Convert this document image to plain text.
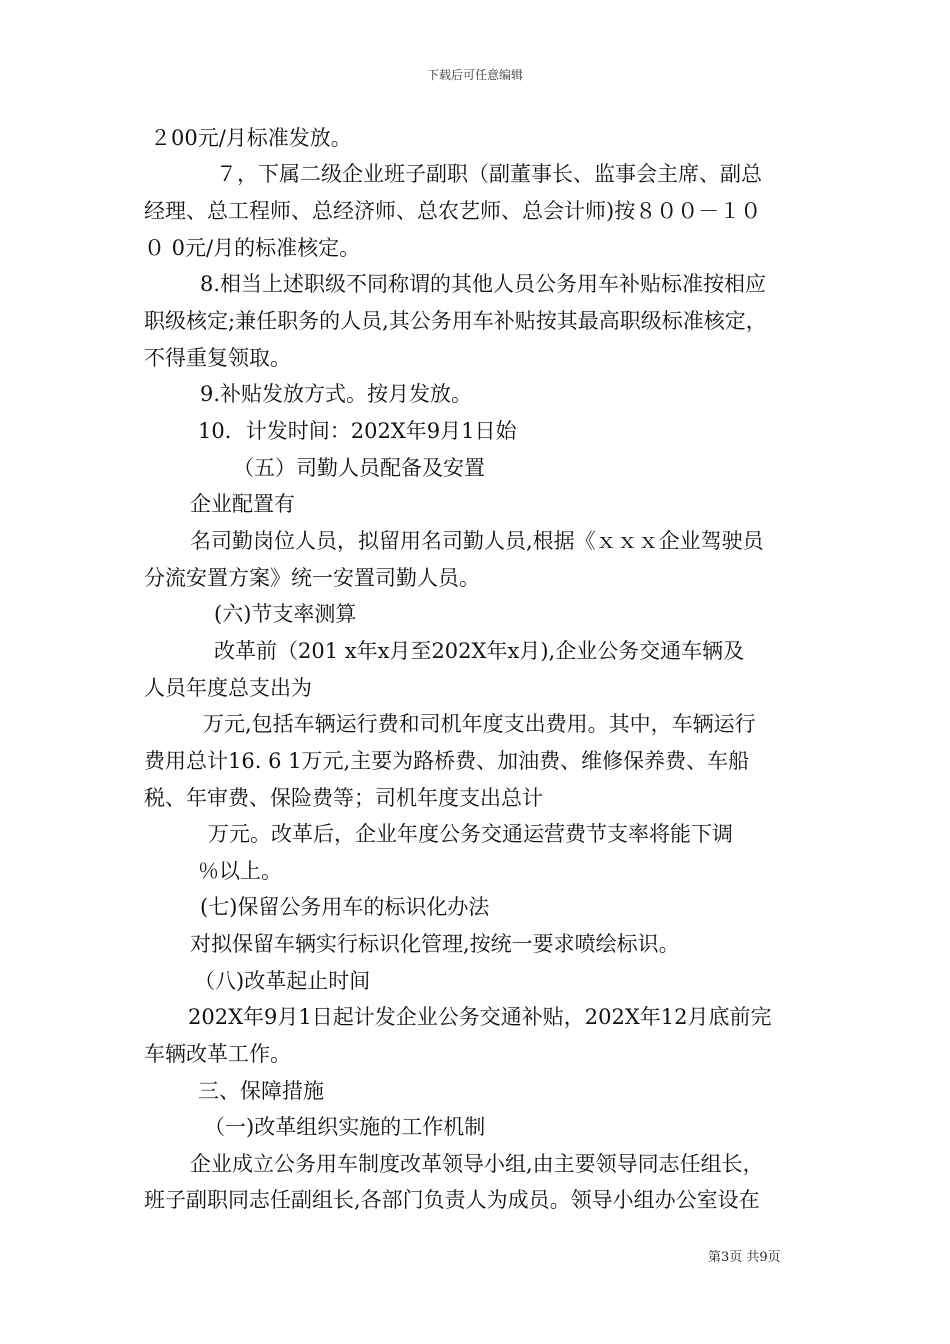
下载后可任意编辑
２00元/月标准发放。
７，下属二级企业班子副职（副董事长、监事会主席、副总
经理、总工程师、总经济师、总农艺师、总会计师)按８００－１０
０ 0元/月的标准核定。
8.相当上述职级不同称谓的其他人员公务用车补贴标准按相应
职级核定;兼任职务的人员,其公务用车补贴按其最高职级标准核定，
不得重复领取。
9.补贴发放方式。按月发放。
10．计发时间：202X年9月1日始
（五）司勤人员配备及安置
企业配置有
名司勤岗位人员，拟留用名司勤人员,根据《ｘｘｘ企业驾驶员
分流安置方案》统一安置司勤人员。
(六)节支率测算
改革前（201 x年x月至202X年x月),企业公务交通车辆及
人员年度总支出为
万元,包括车辆运行费和司机年度支出费用。其中，车辆运行
费用总计16. 6 1万元,主要为路桥费、加油费、维修保养费、车船
税、年审费、保险费等；司机年度支出总计
万元。改革后，企业年度公务交通运营费节支率将能下调
％以上。
(七)保留公务用车的标识化办法
对拟保留车辆实行标识化管理,按统一要求喷绘标识。
（八)改革起止时间
202X年9月1日起计发企业公务交通补贴，202X年12月底前完
车辆改革工作。
三、保障措施
（一)改革组织实施的工作机制
企业成立公务用车制度改革领导小组,由主要领导同志任组长，
班子副职同志任副组长,各部门负责人为成员。领导小组办公室设在
第3页 共9页
